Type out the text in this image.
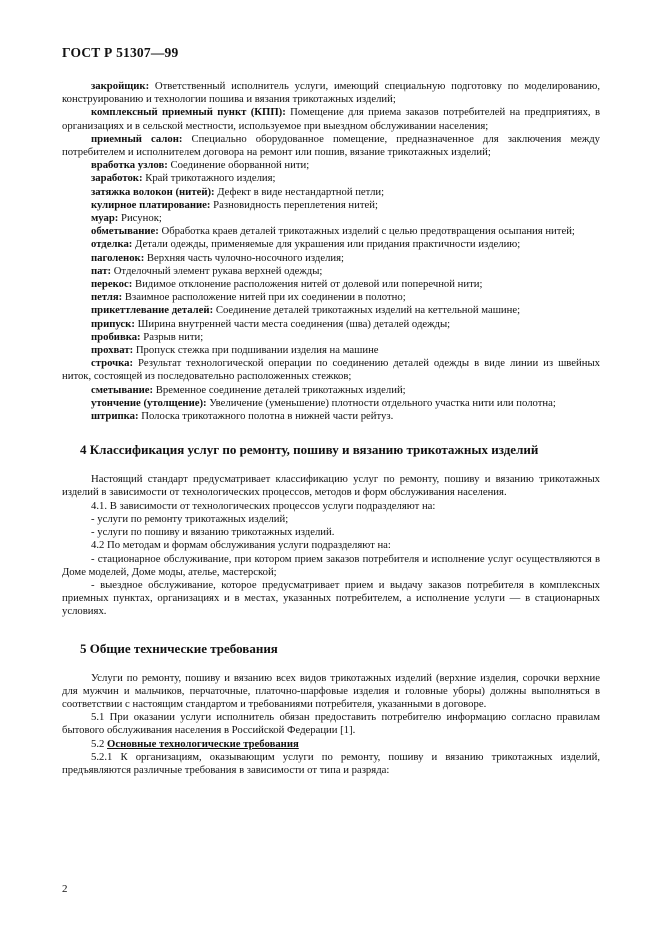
ГОСТ Р 51307—99

закройщик: Ответственный исполнитель услуги, имеющий специальную подготовку по моделированию, конструированию и технологии пошива и вязания трикотажных изделий;

комплексный приемный пункт (КПП): Помещение для приема заказов потребителей на предприятиях, в организациях и в сельской местности, используемое при выездном обслуживании населения;

приемный салон: Специально оборудованное помещение, предназначенное для заключения между потребителем и исполнителем договора на ремонт или пошив, вязание трикотажных изделий;

вработка узлов: Соединение оборванной нити;

заработок: Край трикотажного изделия;

затяжка волокон (нитей): Дефект в виде нестандартной петли;

кулирное платирование: Разновидность переплетения нитей;

муар: Рисунок;

обметывание: Обработка краев деталей трикотажных изделий с целью предотвращения осыпания нитей;

отделка: Детали одежды, применяемые для украшения или придания практичности изделию;

паголенок: Верхняя часть чулочно-носочного изделия;

пат: Отделочный элемент рукава верхней одежды;

перекос: Видимое отклонение расположения нитей от долевой или поперечной нити;

петля: Взаимное расположение нитей при их соединении в полотно;

прикеттлевание деталей: Соединение деталей трикотажных изделий на кеттельной машине;

припуск: Ширина внутренней части места соединения (шва) деталей одежды;

пробивка: Разрыв нити;

прохват: Пропуск стежка при подшивании изделия на машине

строчка: Результат технологической операции по соединению деталей одежды в виде линии из швейных ниток, состоящей из последовательно расположенных стежков;

сметывание: Временное соединение деталей трикотажных изделий;

утончение (утолщение): Увеличение (уменьшение) плотности отдельного участка нити или полотна;

штрипка: Полоска трикотажного полотна в нижней части рейтуз.

4 Классификация услуг по ремонту, пошиву и вязанию трикотажных изделий

Настоящий стандарт предусматривает классификацию услуг по ремонту, пошиву и вязанию трикотажных изделий в зависимости от технологических процессов, методов и форм обслуживания населения.

4.1. В зависимости от технологических процессов услуги подразделяют на:

- услуги по ремонту трикотажных изделий;

- услуги по пошиву и вязанию трикотажных изделий.

4.2 По методам и формам обслуживания услуги подразделяют на:

- стационарное обслуживание, при котором прием заказов потребителя и исполнение услуг осуществляются в Доме моделей, Доме моды, ателье, мастерской;

- выездное обслуживание, которое предусматривает прием и выдачу заказов потребителя в комплексных приемных пунктах, организациях и в местах, указанных потребителем, а исполнение услуги — в стационарных условиях.

5 Общие технические требования

Услуги по ремонту, пошиву и вязанию всех видов трикотажных изделий (верхние изделия, сорочки верхние для мужчин и мальчиков, перчаточные, платочно-шарфовые изделия и головные уборы) должны выполняться в соответствии с настоящим стандартом и требованиями потребителя, указанными в договоре.

5.1 При оказании услуги исполнитель обязан предоставить потребителю информацию согласно правилам бытового обслуживания населения в Российской Федерации [1].

5.2 Основные технологические требования

5.2.1 К организациям, оказывающим услуги по ремонту, пошиву и вязанию трикотажных изделий, предъявляются различные требования в зависимости от типа и разряда:

2
